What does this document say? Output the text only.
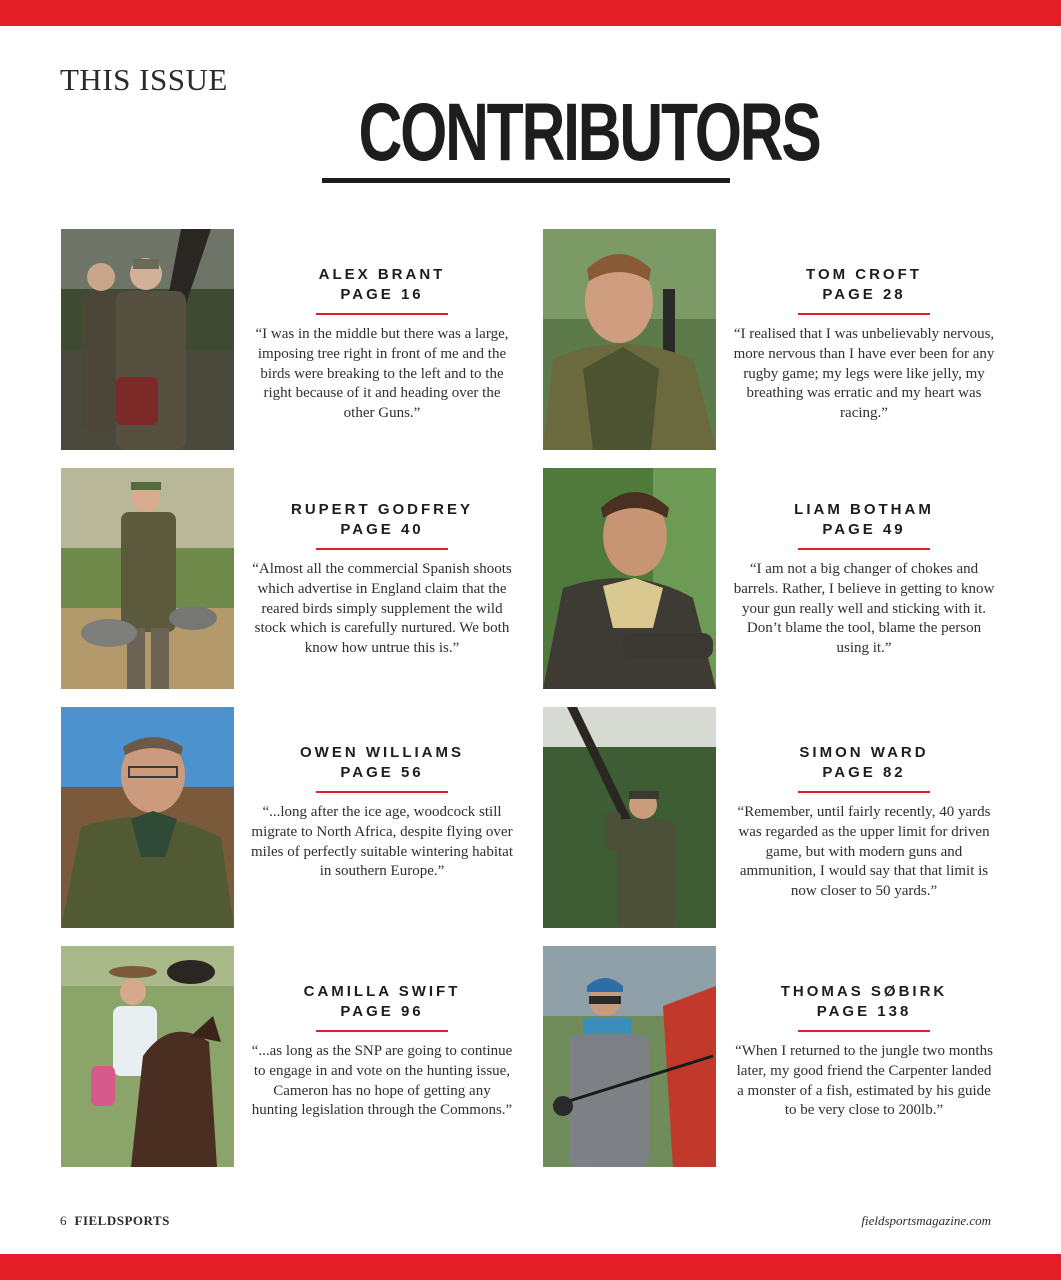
THIS ISSUE
CONTRIBUTORS
ALEX BRANT
PAGE 16
“I was in the middle but there was a large, imposing tree right in front of me and the birds were breaking to the left and to the right because of it and heading over the other Guns.”
TOM CROFT
PAGE 28
“I realised that I was unbelievably nervous, more nervous than I have ever been for any rugby game; my legs were like jelly, my breathing was erratic and my heart was racing.”
RUPERT GODFREY
PAGE 40
“Almost all the commercial Spanish shoots which advertise in England claim that the reared birds simply supplement the wild stock which is carefully nurtured. We both know how untrue this is.”
LIAM BOTHAM
PAGE 49
“I am not a big changer of chokes and barrels. Rather, I believe in getting to know your gun really well and sticking with it. Don’t blame the tool, blame the person using it.”
OWEN WILLIAMS
PAGE 56
“...long after the ice age, woodcock still migrate to North Africa, despite flying over miles of perfectly suitable wintering habitat in southern Europe.”
SIMON WARD
PAGE 82
“Remember, until fairly recently, 40 yards was regarded as the upper limit for driven game, but with modern guns and ammunition, I would say that that limit is now closer to 50 yards.”
CAMILLA SWIFT
PAGE 96
“...as long as the SNP are going to continue to engage in and vote on the hunting issue, Cameron has no hope of getting any hunting legislation through the Commons.”
THOMAS SØBIRK
PAGE 138
“When I returned to the jungle two months later, my good friend the Carpenter landed a monster of a fish, estimated by his guide to be very close to 200lb.”
6 FIELDSPORTS	fieldsportsmagazine.com
